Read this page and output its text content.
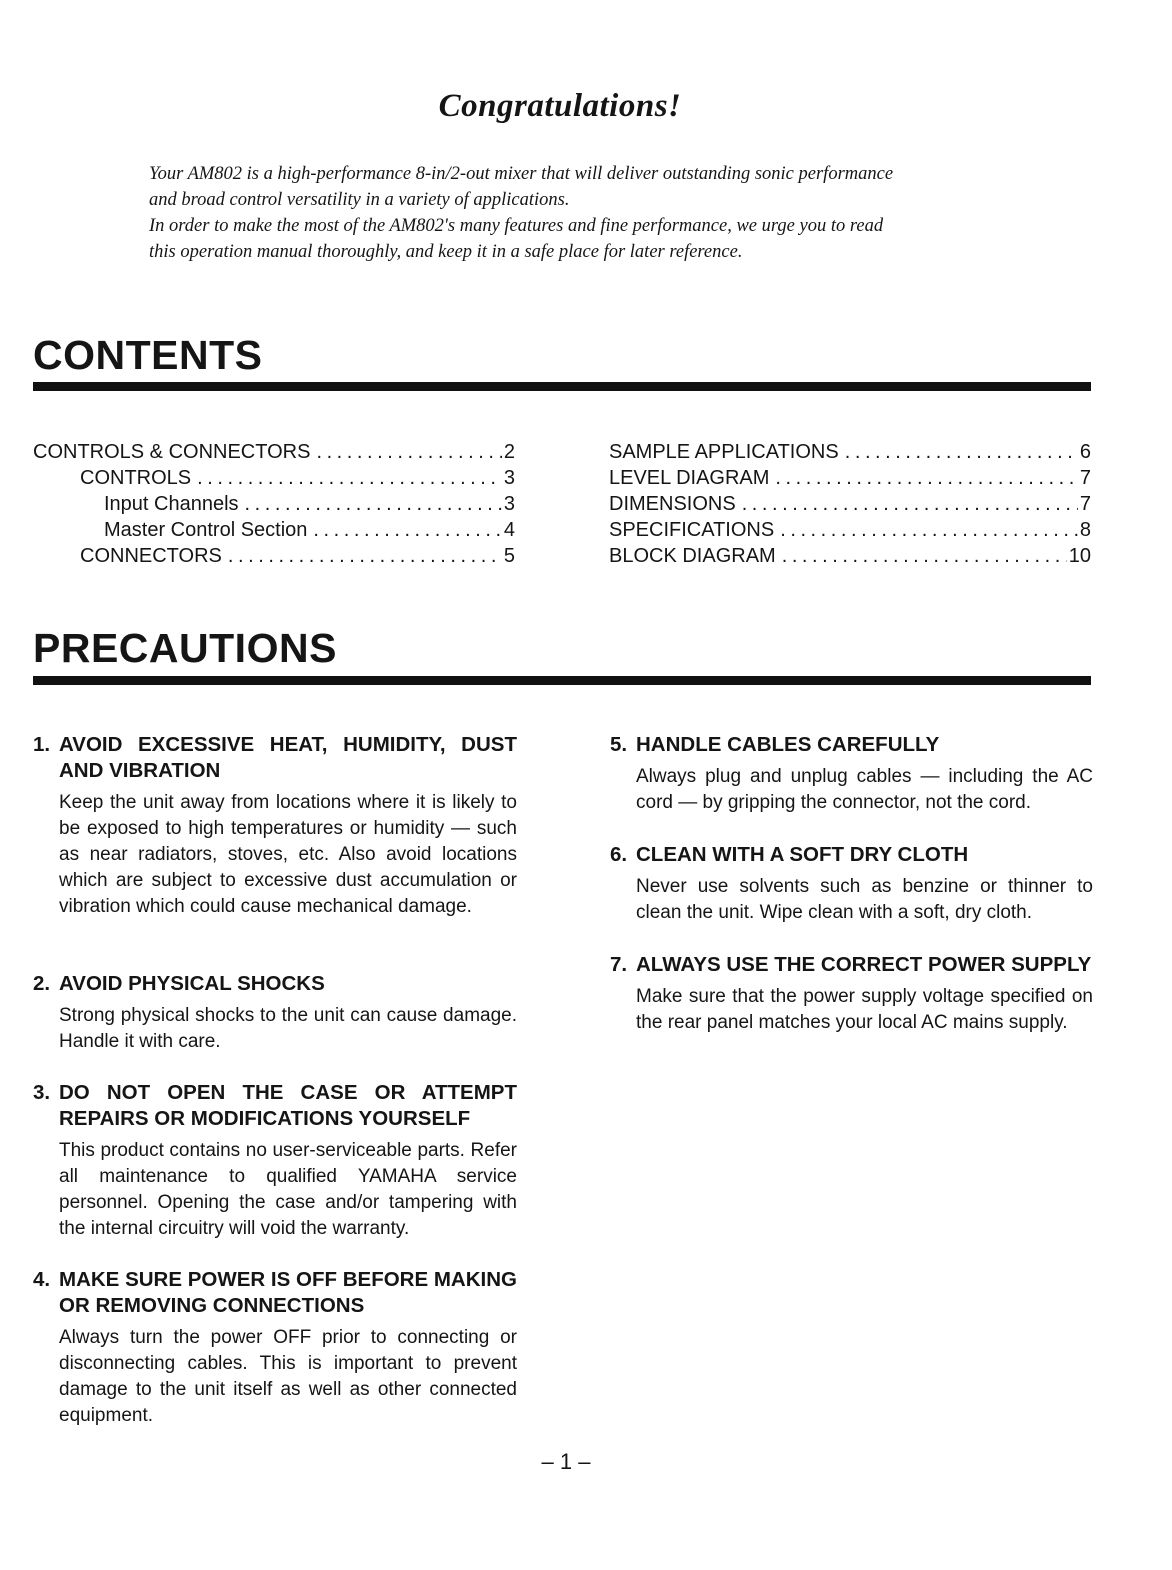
Congratulations!

Your AM802 is a high-performance 8-in/2-out mixer that will deliver outstanding sonic performance

and broad control versatility in a variety of applications.

In order to make the most of the AM802's many features and fine performance, we urge you to read

this operation manual thoroughly, and keep it in a safe place for later reference.

CONTENTS
CONTROLS & CONNECTORS . . .	2
CONTROLS . . .	3
Input Channels . . .	3
Master Control Section . . .	4
CONNECTORS . . .	5
SAMPLE APPLICATIONS . . .	6
LEVEL DIAGRAM . . .	7
DIMENSIONS . . .	7
SPECIFICATIONS . . .	8
BLOCK DIAGRAM . . .	10
PRECAUTIONS

1. AVOID EXCESSIVE HEAT, HUMIDITY, DUST AND VIBRATION

Keep the unit away from locations where it is likely to be exposed to high temperatures or humidity — such as near radiators, stoves, etc. Also avoid locations which are subject to excessive dust accumulation or vibration which could cause mechanical damage.

2. AVOID PHYSICAL SHOCKS

Strong physical shocks to the unit can cause damage. Handle it with care.

3. DO NOT OPEN THE CASE OR ATTEMPT REPAIRS OR MODIFICATIONS YOURSELF

This product contains no user-serviceable parts. Refer all maintenance to qualified YAMAHA service personnel. Opening the case and/or tampering with the internal circuitry will void the warranty.

4. MAKE SURE POWER IS OFF BEFORE MAKING OR REMOVING CONNECTIONS

Always turn the power OFF prior to connecting or disconnecting cables. This is important to prevent damage to the unit itself as well as other connected equipment.

5. HANDLE CABLES CAREFULLY

Always plug and unplug cables — including the AC cord — by gripping the connector, not the cord.

6. CLEAN WITH A SOFT DRY CLOTH

Never use solvents such as benzine or thinner to clean the unit. Wipe clean with a soft, dry cloth.

7. ALWAYS USE THE CORRECT POWER SUPPLY

Make sure that the power supply voltage specified on the rear panel matches your local AC mains supply.

– 1 –
